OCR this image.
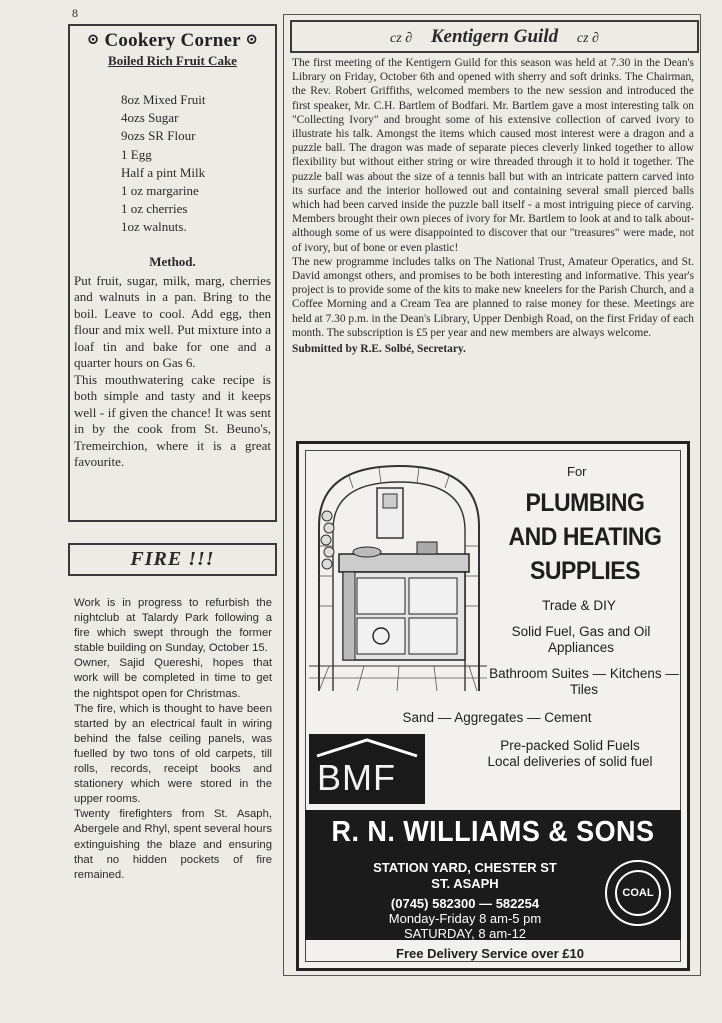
8
⊙ Cookery Corner ⊙
Boiled Rich Fruit Cake
8oz Mixed Fruit
4ozs Sugar
9ozs SR Flour
1 Egg
Half a pint Milk
1 oz margarine
1 oz cherries
1oz walnuts.
Method.

Put fruit, sugar, milk, marg, cherries and walnuts in a pan. Bring to the boil. Leave to cool. Add egg, then flour and mix well. Put mixture into a loaf tin and bake for one and a quarter hours on Gas 6.

This mouthwatering cake recipe is both simple and tasty and it keeps well - if given the chance! It was sent in by the cook from St. Beuno's, Tremeirchion, where it is a great favourite.

FIRE !!!

Work is in progress to refurbish the nightclub at Talardy Park following a fire which swept through the former stable building on Sunday, October 15.

Owner, Sajid Quereshi, hopes that work will be completed in time to get the nightspot open for Christmas.

The fire, which is thought to have been started by an electrical fault in wiring behind the false ceiling panels, was fuelled by two tons of old carpets, till rolls, records, receipt books and stationery which were stored in the upper rooms.

Twenty firefighters from St. Asaph, Abergele and Rhyl, spent several hours extinguishing the blaze and ensuring that no hidden pockets of fire remained.

cz ∂ Kentigern Guild cz ∂

The first meeting of the Kentigern Guild for this season was held at 7.30 in the Dean's Library on Friday, October 6th and opened with sherry and soft drinks. The Chairman, the Rev. Robert Griffiths, welcomed members to the new session and introduced the first speaker, Mr. C.H. Bartlem of Bodfari. Mr. Bartlem gave a most interesting talk on "Collecting Ivory" and brought some of his extensive collection of carved ivory to illustrate his talk. Amongst the items which caused most interest were a dragon and a puzzle ball. The dragon was made of separate pieces cleverly linked together to allow flexibility but without either string or wire threaded through it to hold it together. The puzzle ball was about the size of a tennis ball but with an intricate pattern carved into its surface and the interior hollowed out and containing several small pierced balls which had been carved inside the puzzle ball itself - a most intriguing piece of carving. Members brought their own pieces of ivory for Mr. Bartlem to look at and to talk about- although some of us were disappointed to discover that our "treasures" were made, not of ivory, but of bone or even plastic!

The new programme includes talks on The National Trust, Amateur Operatics, and St. David amongst others, and promises to be both interesting and informative. This year's project is to provide some of the kits to make new kneelers for the Parish Church, and a Coffee Morning and a Cream Tea are planned to raise money for these. Meetings are held at 7.30 p.m. in the Dean's Library, Upper Denbigh Road, on the first Friday of each month. The subscription is £5 per year and new members are always welcome.

Submitted by R.E. Solbé, Secretary.

For
PLUMBING
AND HEATING
SUPPLIES
Trade & DIY
Solid Fuel, Gas and Oil Appliances
Bathroom Suites — Kitchens — Tiles
Sand — Aggregates — Cement
Pre-packed Solid Fuels
Local deliveries of solid fuel
BMF
R. N. WILLIAMS & SONS
STATION YARD, CHESTER ST
ST. ASAPH
(0745) 582300 — 582254
Monday-Friday 8 am-5 pm
SATURDAY, 8 am-12
COAL
Free Delivery Service over £10
